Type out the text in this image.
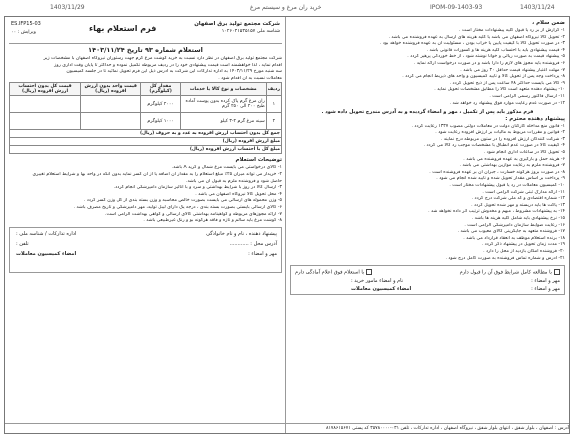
1403/11/29	خرید ران مرغ و سیستم مرغ	IPOM-09-1403-93	1403/11/24
ضمن سلام ،
۱- گزارش از بر رد یا قبول کلیه پیشنهادات مختار است .
۲- تحویل کالا نیروگاه اصفهان می باشد یا کلیه هزینه های ارسال به عهده فروشنده می باشد .
۳- در صورت تحویل کالا با کیفیت پایین یا خراب بودن ، مسئولیت آن به عهده فروشنده خواهد بود .
۴- قیمت پیشنهادی باید با احتساب کلیه هزینه ها و کسورات قانونی باشد .
۵- پیشنهاد قیمت به صورت ریالی و خوانا نوشته شود ، از خط خوردگی پرهیز گردد .
۶- فروشنده باید مجوز های لازم را دارا باشد و در صورت درخواست ارائه نماید .
۷- مهلت اعتبار پیشنهاد قیمت حداقل ۳۰ روز می باشد .
۸- پرداخت وجه پس از تحویل کالا و تایید کمیسیون و واحد های ذیربط انجام می گردد .
۹- کالا می بایست حداکثر ۴۸ ساعت پس از ذبح تحویل گردد .
۱۰- پیشنهاد دهنده متعهد است کالا را مطابق مشخصات تحویل نماید .
۱۱- ارسال فاکتور رسمی الزامی است .
۱۲- در صورت عدم رعایت موارد فوق پیشنهاد رد خواهد شد .
فرم مذکور باید پس از تکمیل ، مهر و امضاء گردیده و به آدرس مندرج تحویل داده شود .
پیشنهاد دهنده محترم :
۱- قانون منع مداخله کارکنان دولت در معاملات دولتی مصوب ۱۳۳۷ رعایت گردد .
۲- قوانین و مقررات مربوط به مالیات بر ارزش افزوده رعایت شود .
۳- شرکت کنندگان ارزش افزوده را در ستون مربوطه درج نمایند .
۴- کیفیت کالا در صورت عدم انطباق با مشخصات موجب رد کالا می گردد .
۵- تحویل کالا در ساعات اداری انجام شود .
۶- هزینه حمل و بارگیری به عهده فروشنده می باشد .
۷- فروشنده ملزم به رعایت موازین بهداشتی می باشد .
۸- در صورت بروز هرگونه خسارت ، جبران آن بر عهده فروشنده است .
۹- پرداخت بر اساس مقدار تحویل شده و تایید شده انجام می شود .
۱۰- کمیسیون معاملات در رد یا قبول پیشنهادات مختار است .
۱۱- ارائه مدارک ثبتی شرکت الزامی است .
۱۲- شماره اقتصادی و کد ملی شرکت درج گردد .
۱۳- پاکت ها باید دربسته و مهر شده تحویل گردد .
۱۴- به پیشنهادات مشروط ، مبهم و مخدوش ترتیب اثر داده نخواهد شد .
۱۵- نرخ پیشنهادی باید شامل کلیه هزینه ها باشد .
۱۶- رعایت ضوابط سازمان دامپزشکی الزامی است .
۱۷- فروشنده متعهد به جایگزینی کالای معیوب می باشد .
۱۸- برنده استعلام موظف به انعقاد قرارداد می باشد .
۱۹- مدت زمان تحویل در پیشنهاد ذکر گردد .
۲۰- فروشنده امکان بازدید از محل را دارد .
۲۱- آدرس و شماره تماس فروشنده به صورت کامل درج شود .
با مطالعه کامل شرایط فوق آن را قبول دارم
با استعلام فوق اعلام آمادگی دارم
مهر و امضاء :
نام و امضاء مامور خرید :
امضاء کمیسیون معاملات	مهر و امضاء :
شرکت مجتمع تولید برق اصفهان
شناسه ملی ۱۰۲۶۰۴۱۵۳۵۱۵۷
فرم استعلام بهاء
ES.IFP15-03
ویرایش : ۰۰
استعلام شماره ۹۳ تاریخ ۱۴۰۳/۱۱/۲۴
شرکت مجتمع تولید برق اصفهان در نظر دارد نسبت به خرید گوشت مرغ گرم جهت رستوران نیروگاه اصفهان با مشخصات زیر
اقدام نماید ، لذا خواهشمند است قیمت پیشنهادی خود را در ردیف مربوطه تکمیل نموده و حداکثر تا پایان وقت اداری روز
سه شنبه مورخ ۱۴۰۳/۱۱/۲۹ به اداره تدارکات این شرکت به آدرس ذیل این فرم تحویل نمائید تا در جلسه کمیسیون
معاملات نسبت به آن اقدام شود .
ردیف	مشخصات و نوع کالا یا خدمات	مقدار کل (کیلوگرم)	قیمت واحد بدون ارزش افزوده (ریال)	قیمت کل بدون احتساب ارزش افزوده (ریال)
۱	ران مرغ گرم پاک کرده بدون پوست آماده طبخ ۲۰۰ الی ۲۵۰ گرم	۲۰۰۰ کیلوگرم		
۲	سینه مرغ گرم ۲-۳ کیلو	۱۰۰۰ کیلوگرم		
جمع کل بدون احتساب ارزش افزوده به عدد و به حروف (ریال)				
مبلغ ارزش افزوده (ریال)				
مبلغ کل با احتساب ارزش افزوده (ریال)				
توضیحات استعلام
۱- کالای درخواستی می بایست مرغ شمال و گرید A باشد.
۲- خریدار می تواند میزان ۲۵٪ مبلغ استعلام را به مقدار آن اضافه یا از آن کسر نماید بدون آنکه در واحد بها و شرایط استعلام تغییری
حاصل شود و فروشنده ملزم به قبول آن می باشد.
۳- ارسال کالا در روز با شرایط بهداشتی و سرد و با آنالیز سازمان دامپزشکی انجام گردد.
۴- محل تحویل کالا نیروگاه اصفهان می باشد .
۵- وزن محموله های ارسالی می بایست بصورت خالص محاسبه و وزن بسته بندی از کل وزن کسر گردد .
۶- کالای ارسالی بایستی بصورت بسته بندی ، درجه یک دارای لیبل تولید، مهر دامپزشکی و تاریخ مصرف باشد .
۷- ارائه مجوزهای مربوطه و گواهینامه بهداشتی کالای ارسالی و گواهی بهداشت الزامی است.
۸- گوشت مرغ باید سالم و تازه و فاقد هرگونه بو و رنگ غیرطبیعی باشد .
پیشنهاد دهنده ، نام و نام خانوادگی
آدرس محل : ............
مهر و امضاء :
اداره تدارکات / شناسه ملی :
تلفن :
امضاء کمیسیون معاملات
آدرس : اصفهان ، بلوار شفق ، انتهای بلوار شفق ، نیروگاه اصفهان ، اداره تدارکات ، تلفن ۰۳۱-۳۵۷۸۰۰۰۰ کد پستی ۸۱۷۸۶۱۵۶۷۱
